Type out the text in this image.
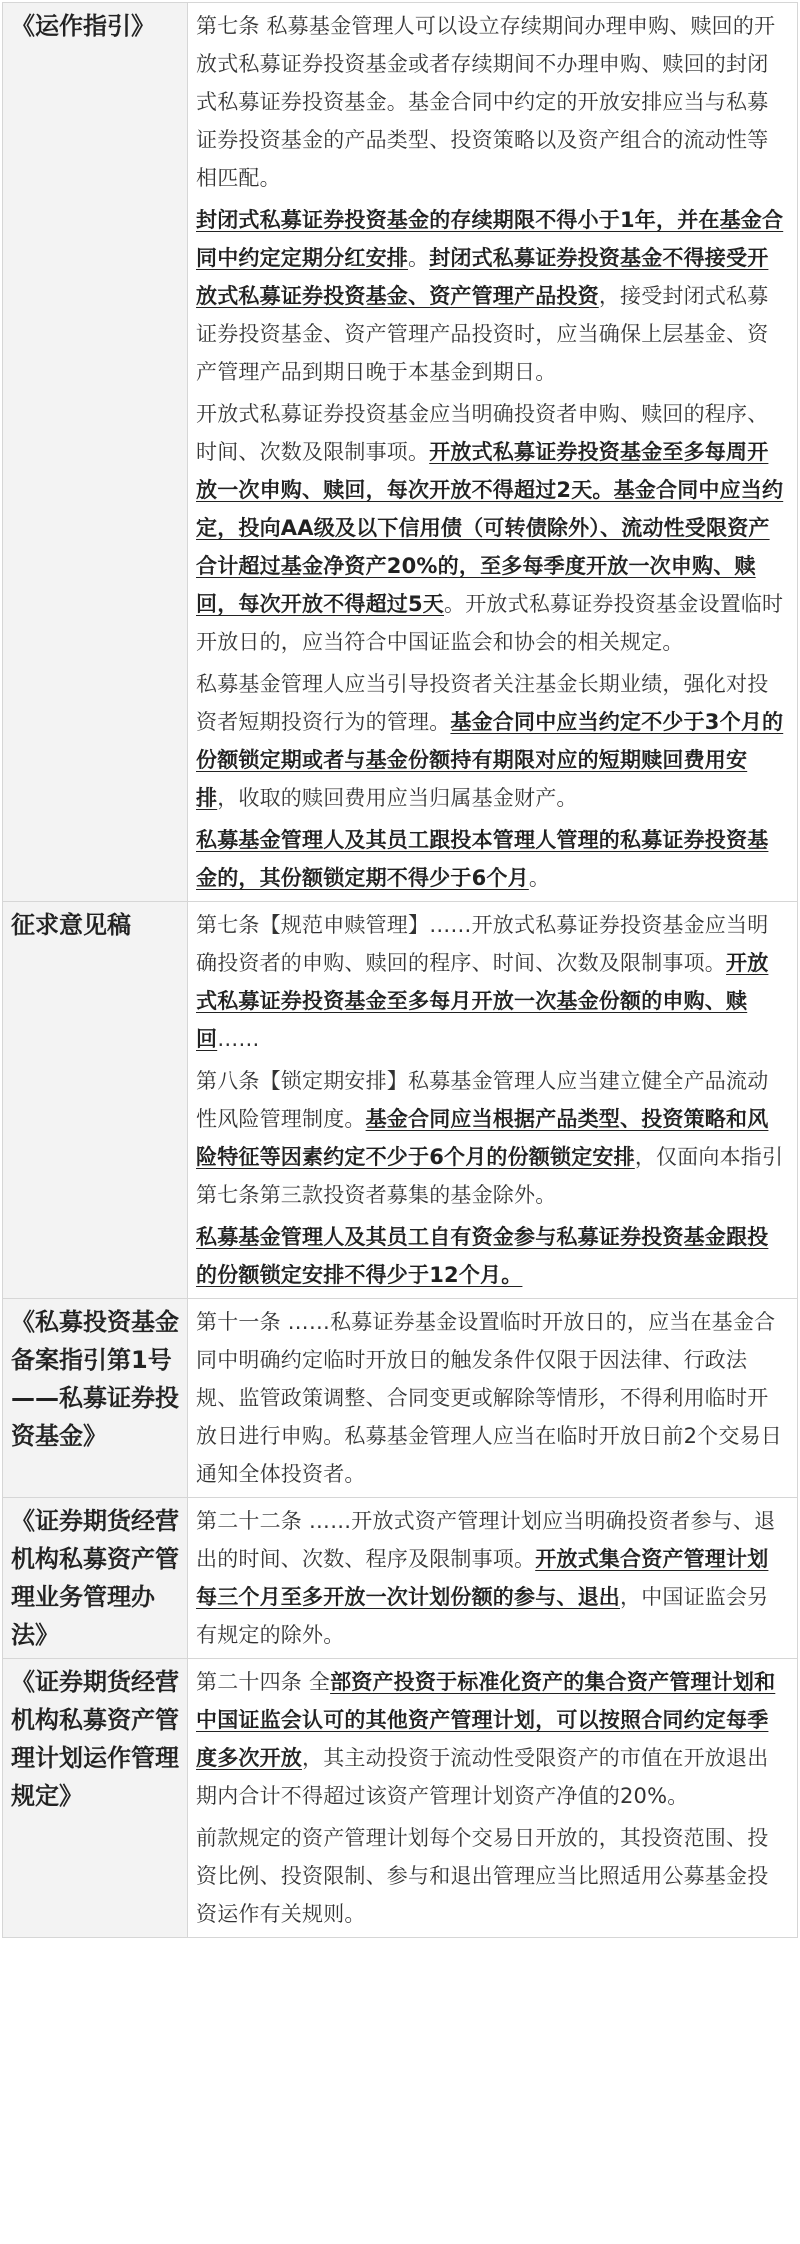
《运作指引》	第七条 私募基金管理人可以设立存续期间办理申购、赎回的开放式私募证券投资基金或者存续期间不办理申购、赎回的封闭式私募证券投资基金。基金合同中约定的开放安排应当与私募证券投资基金的产品类型、投资策略以及资产组合的流动性等相匹配。

封闭式私募证券投资基金的存续期限不得小于1年，并在基金合同中约定定期分红安排。封闭式私募证券投资基金不得接受开放式私募证券投资基金、资产管理产品投资，接受封闭式私募证券投资基金、资产管理产品投资时，应当确保上层基金、资产管理产品到期日晚于本基金到期日。

开放式私募证券投资基金应当明确投资者申购、赎回的程序、时间、次数及限制事项。开放式私募证券投资基金至多每周开放一次申购、赎回，每次开放不得超过2天。基金合同中应当约定，投向AA级及以下信用债（可转债除外）、流动性受限资产合计超过基金净资产20%的，至多每季度开放一次申购、赎回，每次开放不得超过5天。开放式私募证券投资基金设置临时开放日的，应当符合中国证监会和协会的相关规定。

私募基金管理人应当引导投资者关注基金长期业绩，强化对投资者短期投资行为的管理。基金合同中应当约定不少于3个月的份额锁定期或者与基金份额持有期限对应的短期赎回费用安排，收取的赎回费用应当归属基金财产。

私募基金管理人及其员工跟投本管理人管理的私募证券投资基金的，其份额锁定期不得少于6个月。

征求意见稿	第七条【规范申赎管理】……开放式私募证券投资基金应当明确投资者的申购、赎回的程序、时间、次数及限制事项。开放式私募证券投资基金至多每月开放一次基金份额的申购、赎回……

第八条【锁定期安排】私募基金管理人应当建立健全产品流动性风险管理制度。基金合同应当根据产品类型、投资策略和风险特征等因素约定不少于6个月的份额锁定安排，仅面向本指引第七条第三款投资者募集的基金除外。

私募基金管理人及其员工自有资金参与私募证券投资基金跟投的份额锁定安排不得少于12个月。

《私募投资基金备案指引第1号——私募证券投资基金》	第十一条 ……私募证券基金设置临时开放日的，应当在基金合同中明确约定临时开放日的触发条件仅限于因法律、行政法规、监管政策调整、合同变更或解除等情形，不得利用临时开放日进行申购。私募基金管理人应当在临时开放日前2个交易日通知全体投资者。

《证券期货经营机构私募资产管理业务管理办法》	第二十二条 ……开放式资产管理计划应当明确投资者参与、退出的时间、次数、程序及限制事项。开放式集合资产管理计划每三个月至多开放一次计划份额的参与、退出，中国证监会另有规定的除外。

《证券期货经营机构私募资产管理计划运作管理规定》	第二十四条 全部资产投资于标准化资产的集合资产管理计划和中国证监会认可的其他资产管理计划，可以按照合同约定每季度多次开放，其主动投资于流动性受限资产的市值在开放退出期内合计不得超过该资产管理计划资产净值的20%。

前款规定的资产管理计划每个交易日开放的，其投资范围、投资比例、投资限制、参与和退出管理应当比照适用公募基金投资运作有关规则。
